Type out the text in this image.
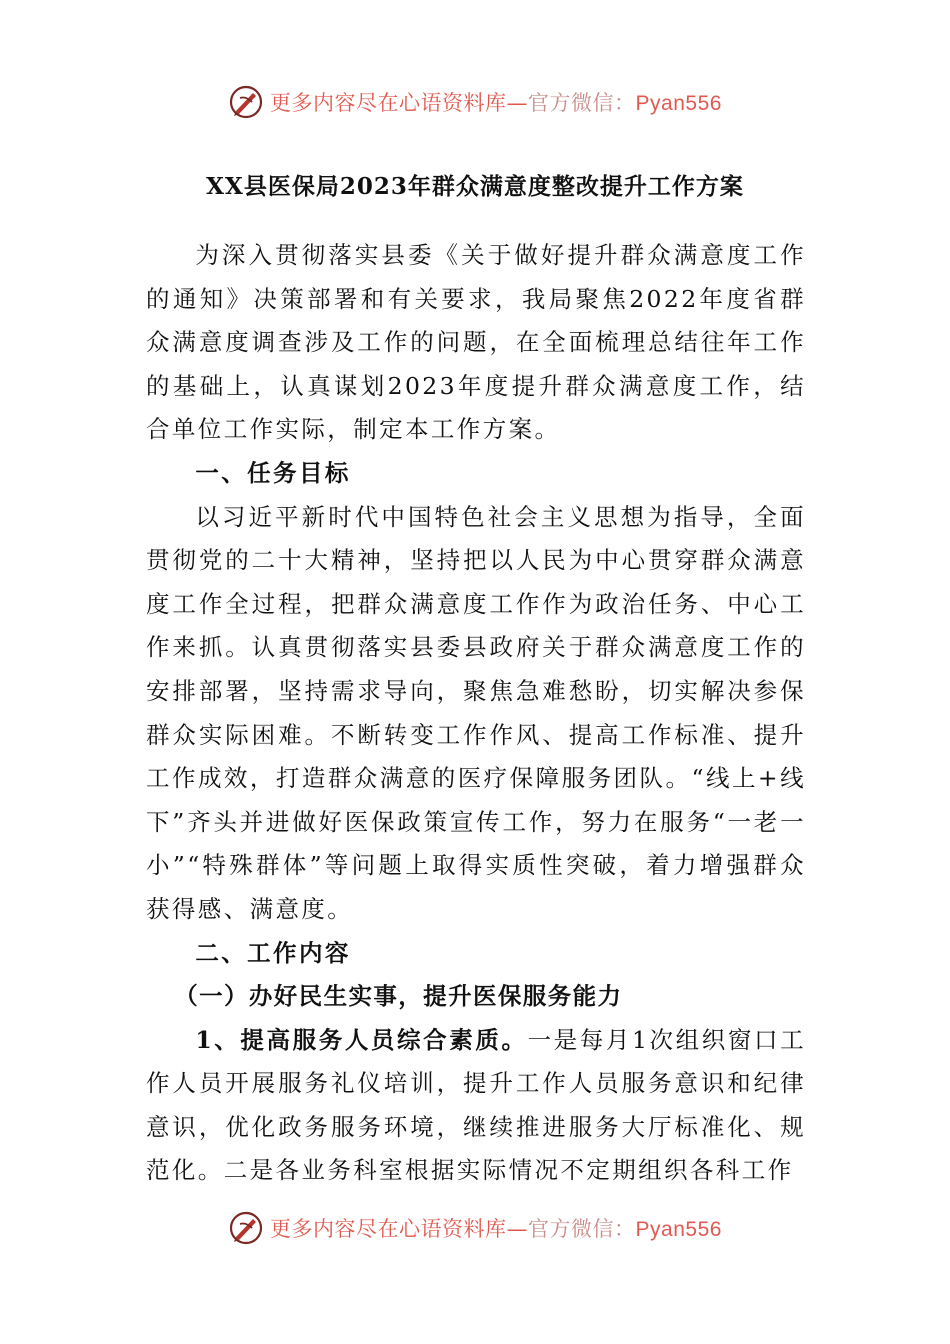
更多内容尽在心语资料库—官方微信：Pyan556
XX县医保局2023年群众满意度整改提升工作方案

为深入贯彻落实县委《关于做好提升群众满意度工作的通知》决策部署和有关要求，我局聚焦2022年度省群众满意度调查涉及工作的问题，在全面梳理总结往年工作的基础上，认真谋划2023年度提升群众满意度工作，结合单位工作实际，制定本工作方案。

一、任务目标

以习近平新时代中国特色社会主义思想为指导，全面贯彻党的二十大精神，坚持把以人民为中心贯穿群众满意度工作全过程，把群众满意度工作作为政治任务、中心工作来抓。认真贯彻落实县委县政府关于群众满意度工作的安排部署，坚持需求导向，聚焦急难愁盼，切实解决参保群众实际困难。不断转变工作作风、提高工作标准、提升工作成效，打造群众满意的医疗保障服务团队。“线上+线下”齐头并进做好医保政策宣传工作，努力在服务“一老一小”“特殊群体”等问题上取得实质性突破，着力增强群众获得感、满意度。

二、工作内容
（一）办好民生实事，提升医保服务能力

1、提高服务人员综合素质。一是每月1次组织窗口工作人员开展服务礼仪培训，提升工作人员服务意识和纪律意识，优化政务服务环境，继续推进服务大厅标准化、规范化。二是各业务科室根据实际情况不定期组织各科工作

更多内容尽在心语资料库—官方微信：Pyan556
